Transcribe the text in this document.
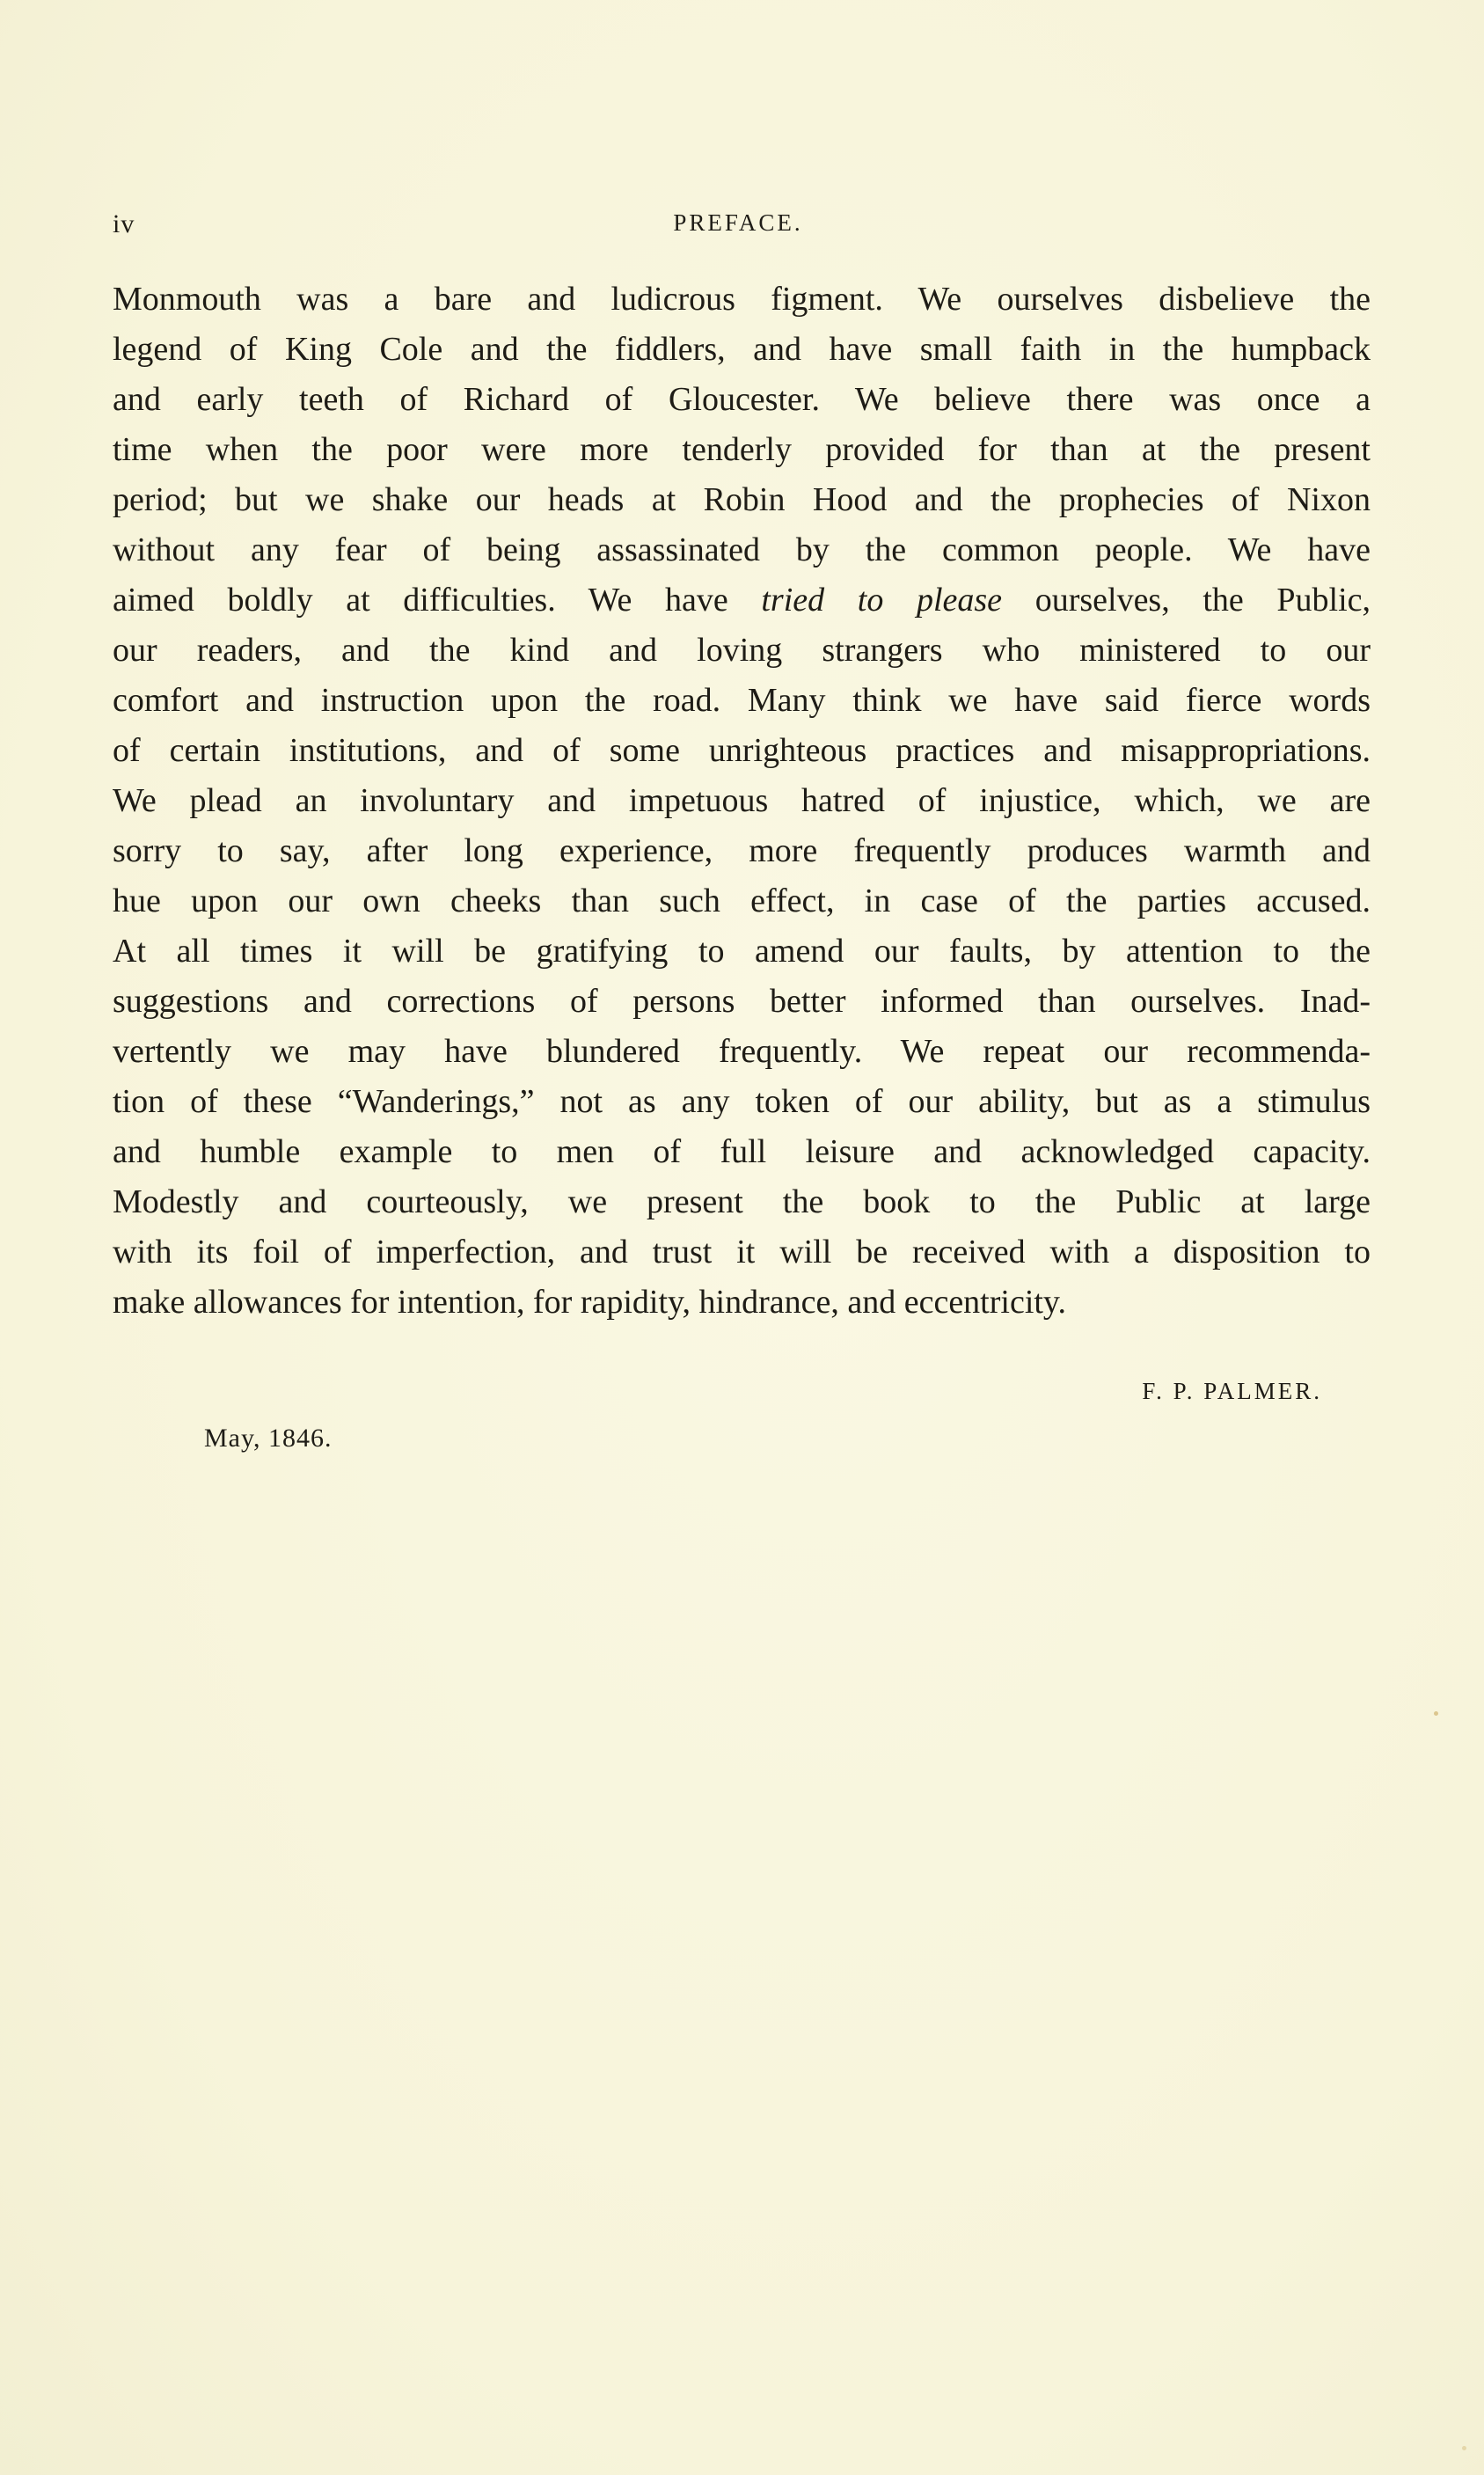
iv	PREFACE.
Monmouth was a bare and ludicrous figment. We ourselves disbelieve the
legend of King Cole and the fiddlers, and have small faith in the humpback
and early teeth of Richard of Gloucester. We believe there was once a
time when the poor were more tenderly provided for than at the present
period; but we shake our heads at Robin Hood and the prophecies of Nixon
without any fear of being assassinated by the common people. We have
aimed boldly at difficulties. We have tried to please ourselves, the Public,
our readers, and the kind and loving strangers who ministered to our
comfort and instruction upon the road. Many think we have said fierce words
of certain institutions, and of some unrighteous practices and misappropriations.
We plead an involuntary and impetuous hatred of injustice, which, we are
sorry to say, after long experience, more frequently produces warmth and
hue upon our own cheeks than such effect, in case of the parties accused.
At all times it will be gratifying to amend our faults, by attention to the
suggestions and corrections of persons better informed than ourselves. Inad-
vertently we may have blundered frequently. We repeat our recommenda-
tion of these “Wanderings,” not as any token of our ability, but as a stimulus
and humble example to men of full leisure and acknowledged capacity.
Modestly and courteously, we present the book to the Public at large
with its foil of imperfection, and trust it will be received with a disposition to
make allowances for intention, for rapidity, hindrance, and eccentricity.
F. P. PALMER.
May, 1846.
